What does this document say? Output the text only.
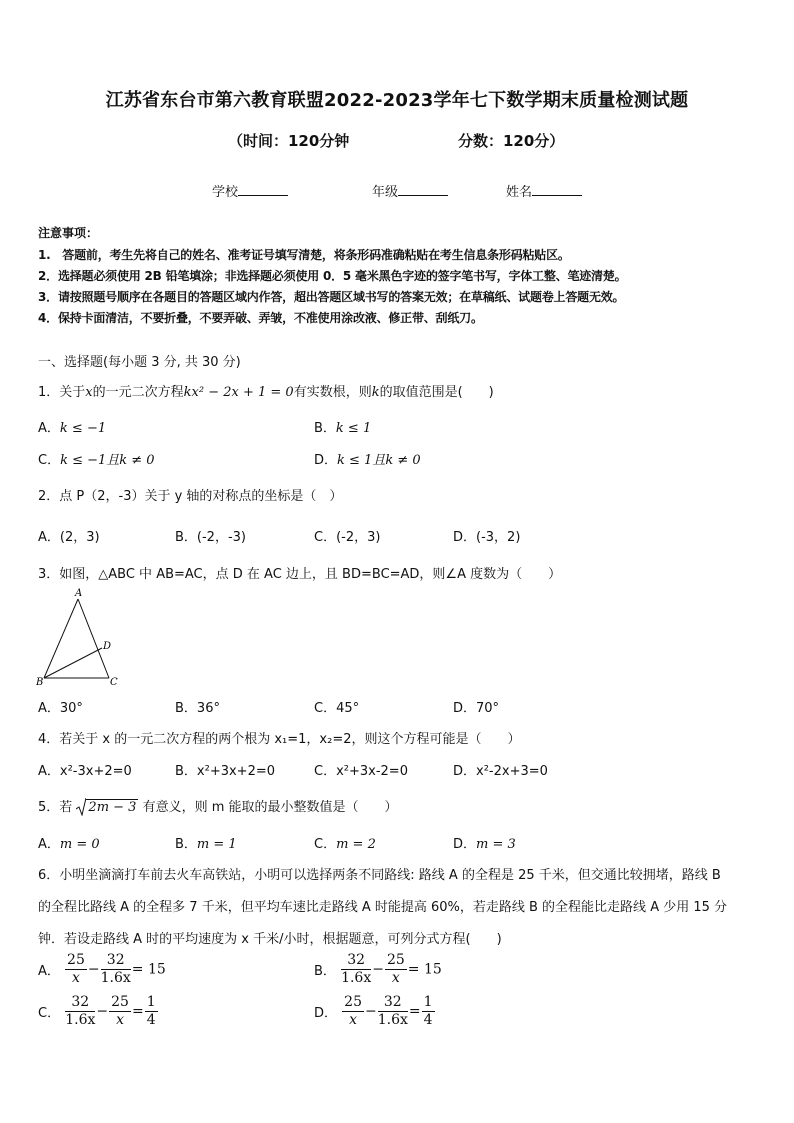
江苏省东台市第六教育联盟2022-2023学年七下数学期末质量检测试题
（时间：120分钟	分数：120分）
学校	年级	姓名
注意事项：
1.　答题前，考生先将自己的姓名、准考证号填写清楚，将条形码准确粘贴在考生信息条形码粘贴区。
2．选择题必须使用 2B 铅笔填涂；非选择题必须使用 0．5 毫米黑色字迹的签字笔书写，字体工整、笔迹清楚。
3．请按照题号顺序在各题目的答题区域内作答，超出答题区域书写的答案无效；在草稿纸、试题卷上答题无效。
4．保持卡面清洁，不要折叠，不要弄破、弄皱，不准使用涂改液、修正带、刮纸刀。
一、选择题(每小题 3 分, 共 30 分)
1．关于x的一元二次方程kx² − 2x + 1 = 0有实数根，则k的取值范围是(　　)
A．k ≤ −1	B．k ≤ 1
C．k ≤ −1且k ≠ 0	D．k ≤ 1且k ≠ 0
2．点 P（2，-3）关于 y 轴的对称点的坐标是（　）
A．(2，3)	B．(-2，-3)	C．(-2，3)	D．(-3，2)
3．如图，△ABC 中 AB=AC，点 D 在 AC 边上，且 BD=BC=AD，则∠A 度数为（　　）
A
B	C
D
A．30°	B．36°	C．45°	D．70°
4．若关于 x 的一元二次方程的两个根为 x₁=1，x₂=2，则这个方程可能是（　　）
A．x²-3x+2=0	B．x²+3x+2=0	C．x²+3x-2=0	D．x²-2x+3=0
5．若 2m − 3 有意义，则 m 能取的最小整数值是（　　）
A．m = 0	B．m = 1	C．m = 2	D．m = 3
6．小明坐滴滴打车前去火车高铁站，小明可以选择两条不同路线: 路线 A 的全程是 25 千米，但交通比较拥堵，路线 B
的全程比路线 A 的全程多 7 千米，但平均车速比走路线 A 时能提高 60%，若走路线 B 的全程能比走路线 A 少用 15 分
钟．若设走路线 A 时的平均速度为 x 千米/小时，根据题意，可列分式方程(　　)
A． $\frac{25}{x} - \frac{32}{1.6x} = 15$	B． $\frac{32}{1.6x} - \frac{25}{x} = 15$
C． $\frac{32}{1.6x} - \frac{25}{x} = \frac{1}{4}$	D． $\frac{25}{x} - \frac{32}{1.6x} = \frac{1}{4}$
